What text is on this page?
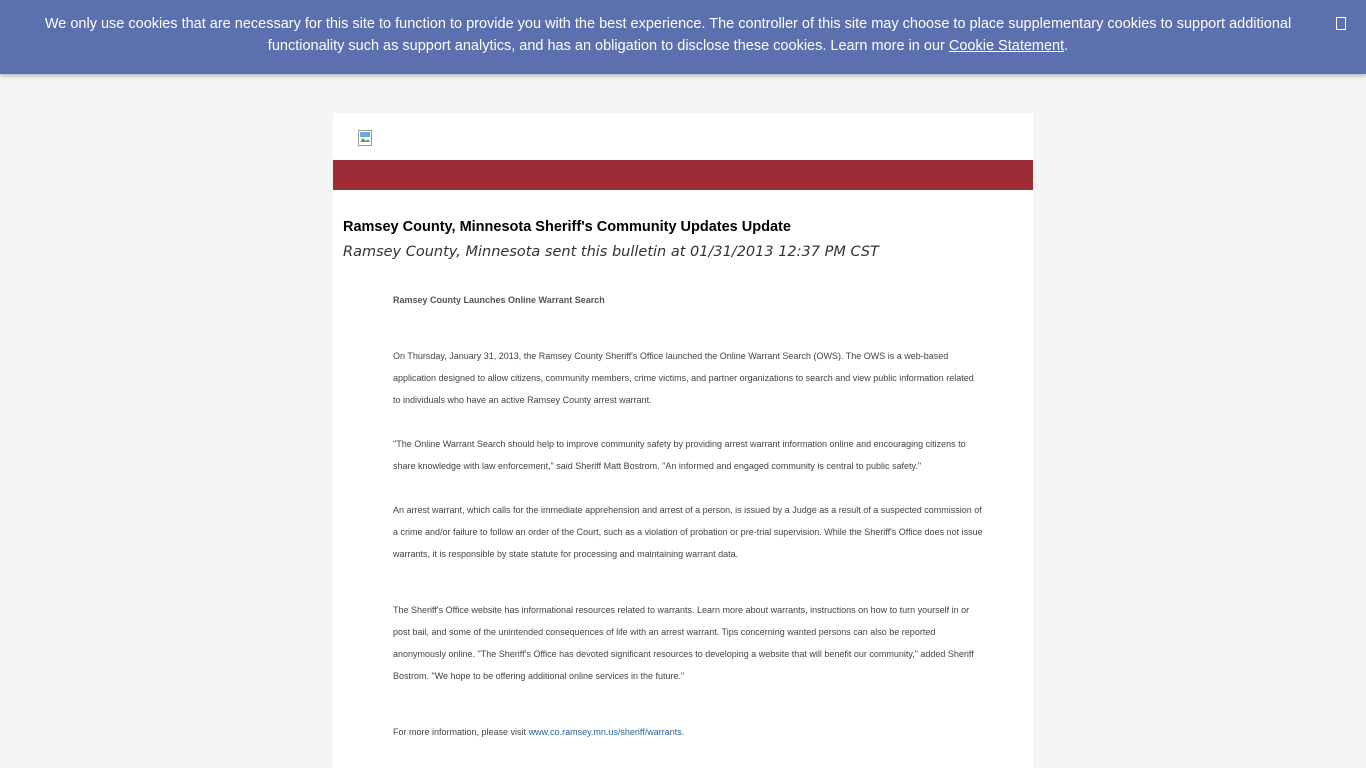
We only use cookies that are necessary for this site to function to provide you with the best experience. The controller of this site may choose to place supplementary cookies to support additional functionality such as support analytics, and has an obligation to disclose these cookies. Learn more in our Cookie Statement.
Ramsey County, Minnesota Sheriff's Community Updates Update
Ramsey County, Minnesota sent this bulletin at 01/31/2013 12:37 PM CST
Ramsey County Launches Online Warrant Search

On Thursday, January 31, 2013, the Ramsey County Sheriff's Office launched the Online Warrant Search (OWS). The OWS is a web-based application designed to allow citizens, community members, crime victims, and partner organizations to search and view public information related to individuals who have an active Ramsey County arrest warrant.

"The Online Warrant Search should help to improve community safety by providing arrest warrant information online and encouraging citizens to share knowledge with law enforcement," said Sheriff Matt Bostrom. "An informed and engaged community is central to public safety."

An arrest warrant, which calls for the immediate apprehension and arrest of a person, is issued by a Judge as a result of a suspected commission of a crime and/or failure to follow an order of the Court, such as a violation of probation or pre-trial supervision. While the Sheriff's Office does not issue warrants, it is responsible by state statute for processing and maintaining warrant data.

The Sheriff's Office website has informational resources related to warrants. Learn more about warrants, instructions on how to turn yourself in or post bail, and some of the unintended consequences of life with an arrest warrant. Tips concerning wanted persons can also be reported anonymously online. "The Sheriff's Office has devoted significant resources to developing a website that will benefit our community," added Sheriff Bostrom. "We hope to be offering additional online services in the future."

For more information, please visit www.co.ramsey.mn.us/sheriff/warrants.
